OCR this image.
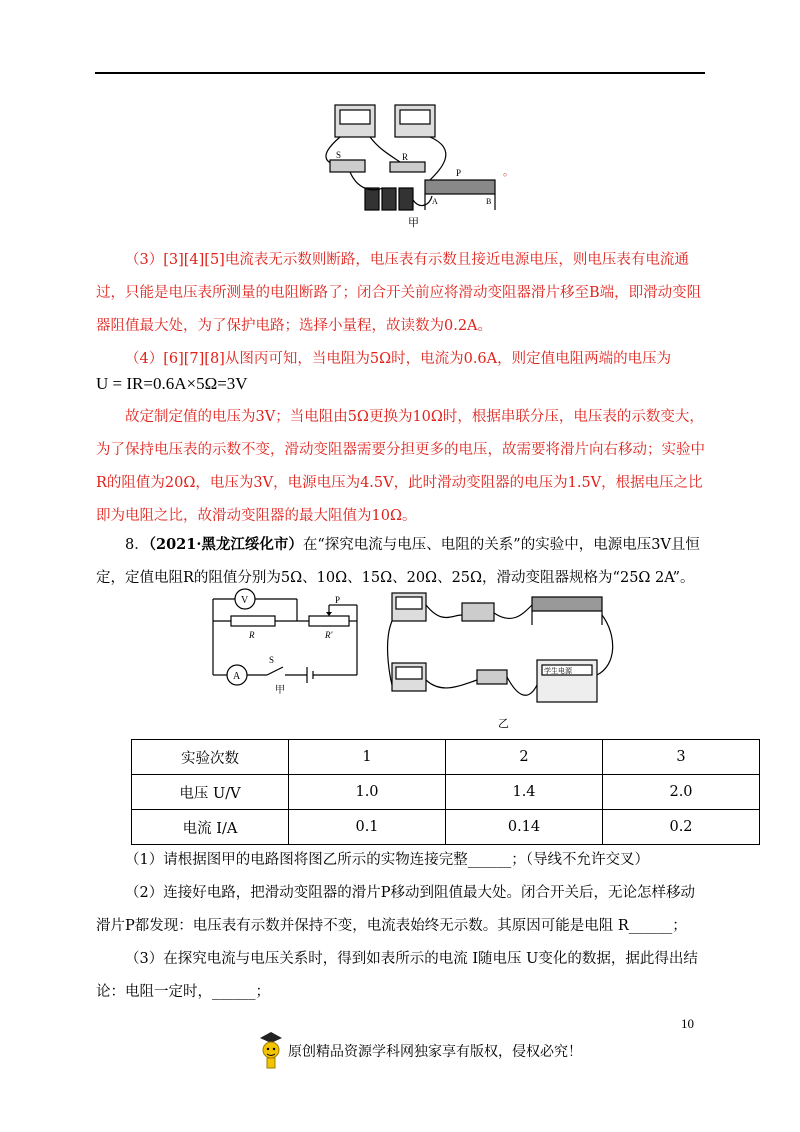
S	R
P
A	B
甲
。

（3）[3][4][5]电流表无示数则断路，电压表有示数且接近电源电压，则电压表有电流通过，只能是电压表所测量的电阻断路了；闭合开关前应将滑动变阻器滑片移至B端，即滑动变阻器阻值最大处，为了保护电路；选择小量程，故读数为0.2A。

（4）[6][7][8]从图丙可知，当电阻为5Ω时，电流为0.6A，则定值电阻两端的电压为

U = IR=0.6A×5Ω=3V

故定制定值的电压为3V；当电阻由5Ω更换为10Ω时，根据串联分压，电压表的示数变大，为了保持电压表的示数不变，滑动变阻器需要分担更多的电压，故需要将滑片向右移动；实验中R的阻值为20Ω，电压为3V，电源电压为4.5V，此时滑动变阻器的电压为1.5V，根据电压之比即为电阻之比，故滑动变阻器的最大阻值为10Ω。

8．（2021·黑龙江绥化市）在“探究电流与电压、电阻的关系”的实验中，电源电压3V且恒定，定值电阻R的阻值分别为5Ω、10Ω、15Ω、20Ω、25Ω，滑动变阻器规格为“25Ω 2A”。

V
A
R	R′
P
S
甲
学生电源
乙
实验次数	1	2	3
电压 U/V	1.0	1.4	2.0
电流 I/A	0.1	0.14	0.2

（1）请根据图甲的电路图将图乙所示的实物连接完整______；（导线不允许交叉）

（2）连接好电路，把滑动变阻器的滑片P移动到阻值最大处。闭合开关后，无论怎样移动滑片P都发现：电压表有示数并保持不变，电流表始终无示数。其原因可能是电阻 R______；

（3）在探究电流与电压关系时，得到如表所示的电流 I随电压 U变化的数据，据此得出结论：电阻一定时，______；

10
原创精品资源学科网独家享有版权，侵权必究！
